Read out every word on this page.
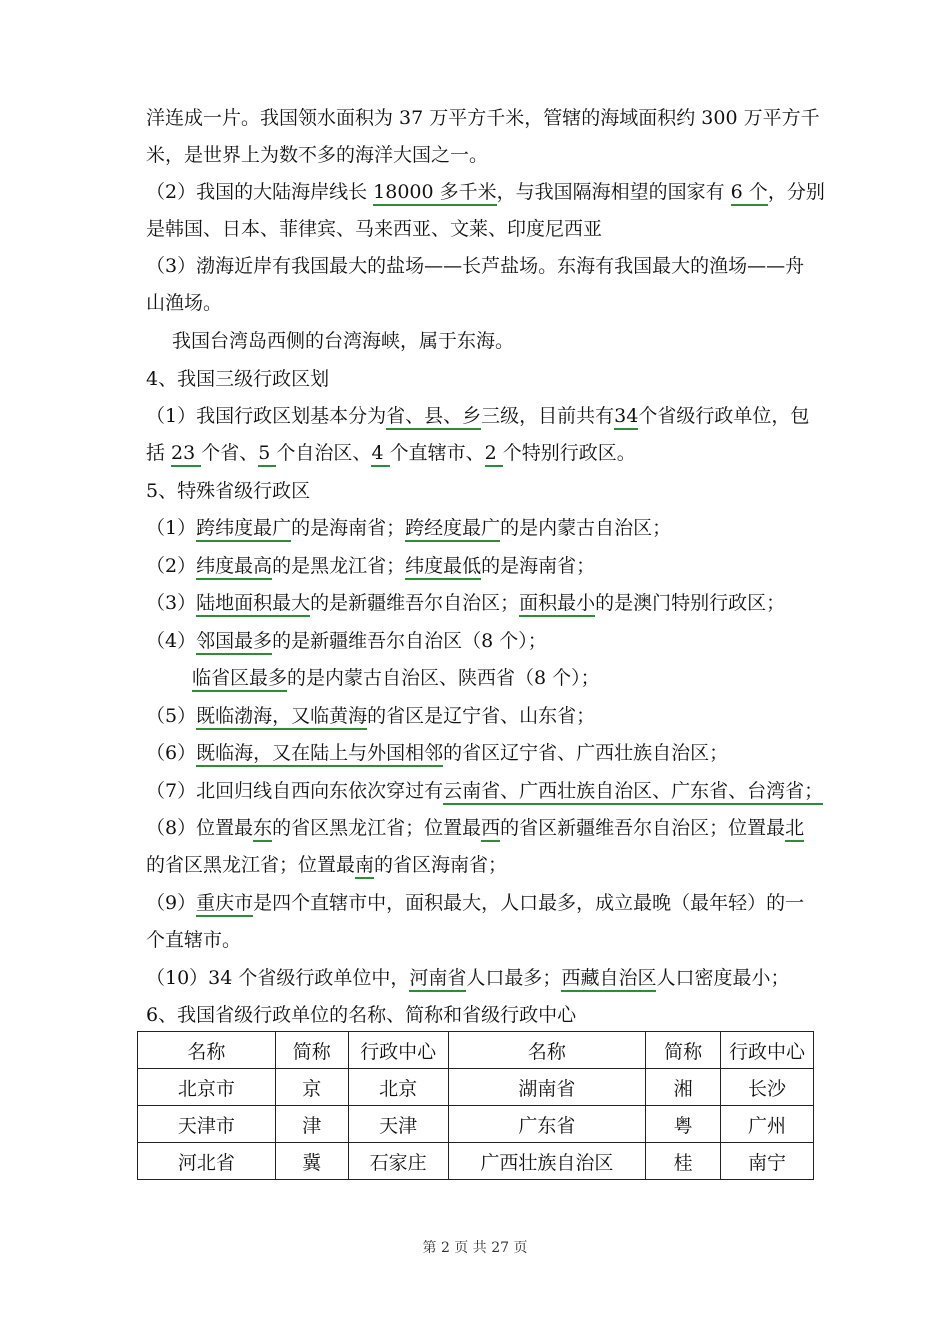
洋连成一片。我国领水面积为 37 万平方千米，管辖的海域面积约 300 万平方千
米，是世界上为数不多的海洋大国之一。
（2）我国的大陆海岸线长 18000 多千米，与我国隔海相望的国家有 6 个，分别
是韩国、日本、菲律宾、马来西亚、文莱、印度尼西亚
（3）渤海近岸有我国最大的盐场——长芦盐场。东海有我国最大的渔场——舟
山渔场。
我国台湾岛西侧的台湾海峡，属于东海。
4、我国三级行政区划
（1）我国行政区划基本分为省、县、乡三级，目前共有34个省级行政单位，包
括 23 个省、5 个自治区、4 个直辖市、2 个特别行政区。
5、特殊省级行政区
（1）跨纬度最广的是海南省；跨经度最广的是内蒙古自治区；
（2）纬度最高的是黑龙江省；纬度最低的是海南省；
（3）陆地面积最大的是新疆维吾尔自治区；面积最小的是澳门特别行政区；
（4）邻国最多的是新疆维吾尔自治区（8 个）；
临省区最多的是内蒙古自治区、陕西省（8 个）；
（5）既临渤海，又临黄海的省区是辽宁省、山东省；
（6）既临海，又在陆上与外国相邻的省区辽宁省、广西壮族自治区；
（7）北回归线自西向东依次穿过有云南省、广西壮族自治区、广东省、台湾省；
（8）位置最东的省区黑龙江省；位置最西的省区新疆维吾尔自治区；位置最北
的省区黑龙江省；位置最南的省区海南省；
（9）重庆市是四个直辖市中，面积最大，人口最多，成立最晚（最年轻）的一
个直辖市。
（10）34 个省级行政单位中，河南省人口最多；西藏自治区人口密度最小；
6、我国省级行政单位的名称、简称和省级行政中心
名称	简称	行政中心	名称	简称	行政中心
北京市	京	北京	湖南省	湘	长沙
天津市	津	天津	广东省	粤	广州
河北省	冀	石家庄	广西壮族自治区	桂	南宁
第 2 页 共 27 页
